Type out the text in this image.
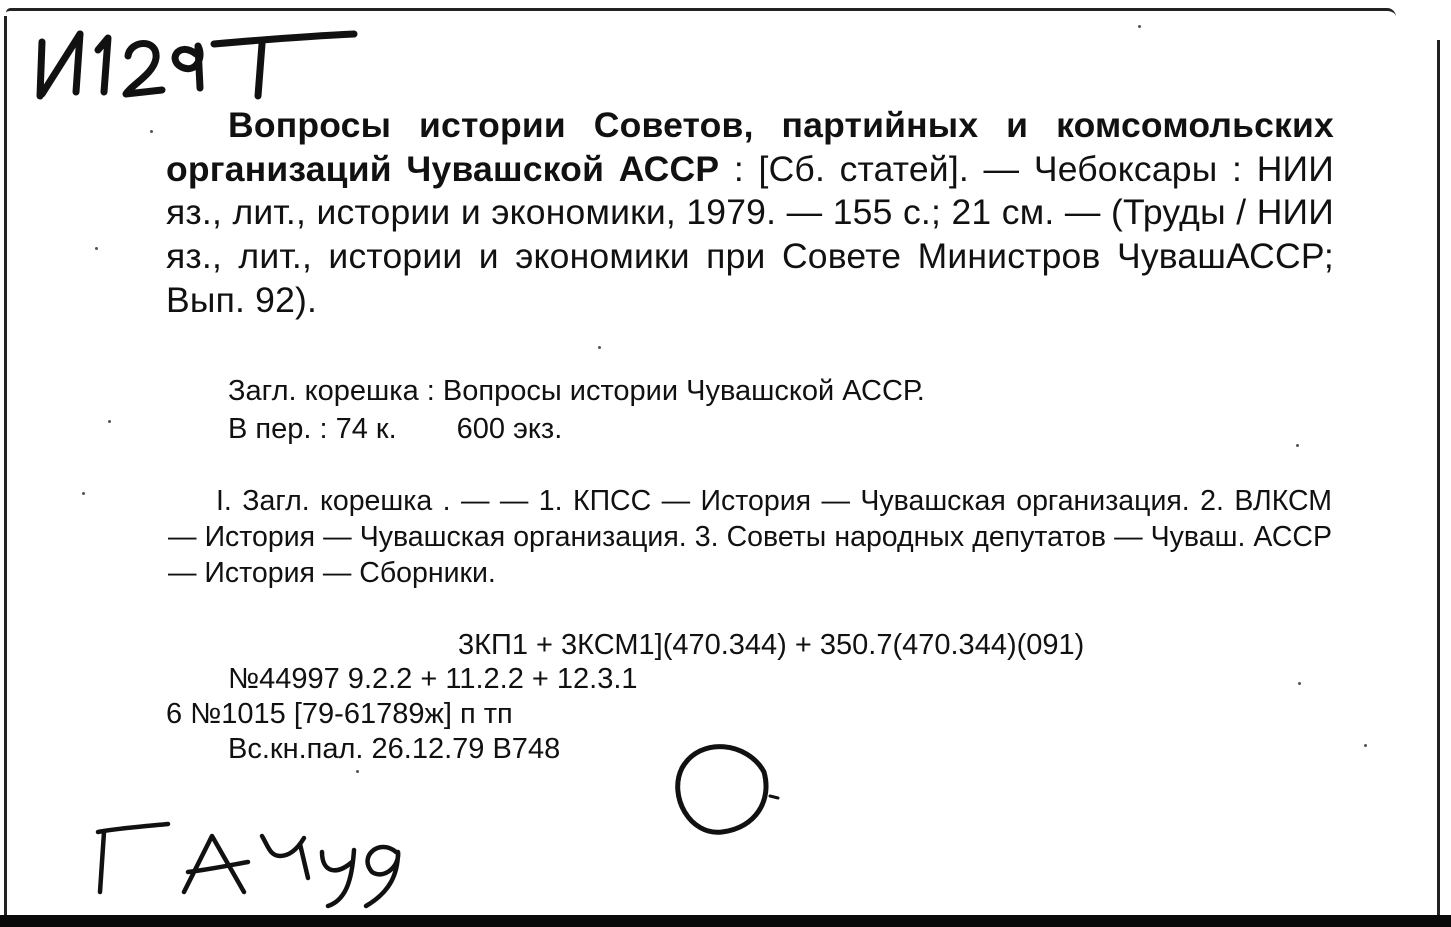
Вопросы истории Советов, партийных и комсомольских организаций Чувашской АССР : [Сб. статей]. — Чебоксары : НИИ яз., лит., истории и экономики, 1979. — 155 с.; 21 см. — (Труды / НИИ яз., лит., истории и экономики при Совете Министров ЧувашАССР; Вып. 92).

Загл. корешка : Вопросы истории Чувашской АССР.

В пер. : 74 к. 600 экз.

I. Загл. корешка . — — 1. КПСС — История — Чувашская организация. 2. ВЛКСМ — История — Чувашская организация. 3. Советы народных депутатов — Чуваш. АССР — История — Сборники.

3КП1 + 3КСМ1](470.344) + 350.7(470.344)(091)

№44997 9.2.2 + 11.2.2 + 12.3.1

6 №1015 [79-61789ж] п тп

Вс.кн.пал. 26.12.79 В748
